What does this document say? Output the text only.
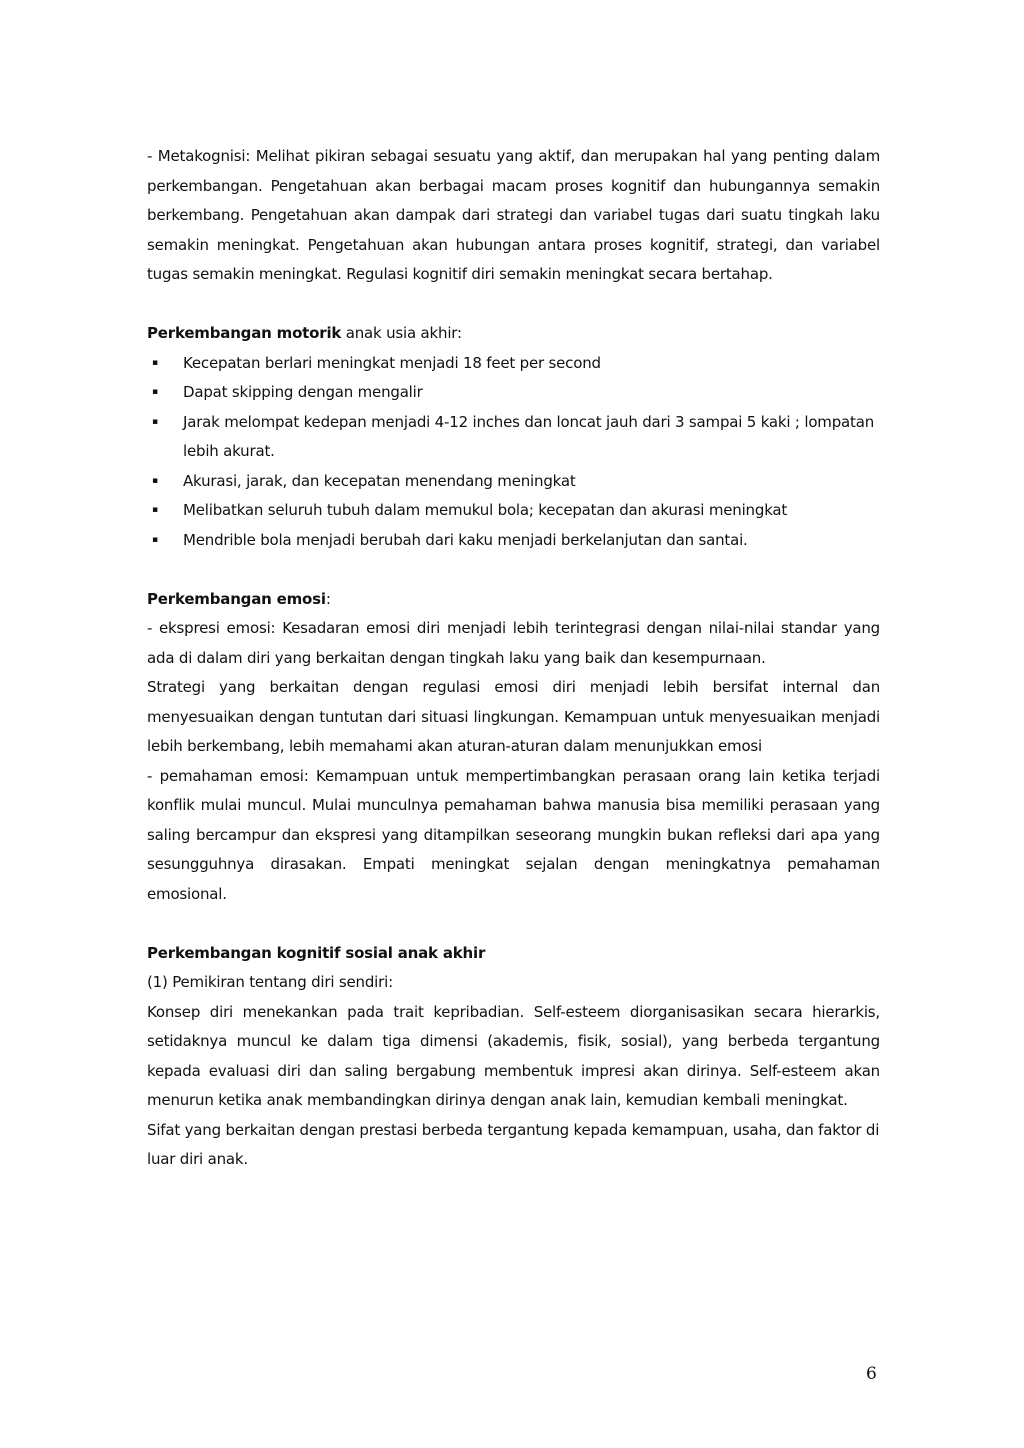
- Metakognisi: Melihat pikiran sebagai sesuatu yang aktif, dan merupakan hal yang penting dalam perkembangan. Pengetahuan akan berbagai macam proses kognitif dan hubungannya semakin berkembang. Pengetahuan akan dampak dari strategi dan variabel tugas dari suatu tingkah laku semakin meningkat. Pengetahuan akan hubungan antara proses kognitif, strategi, dan variabel tugas semakin meningkat. Regulasi kognitif diri semakin meningkat secara bertahap.

Perkembangan motorik anak usia akhir:

▪ Kecepatan berlari meningkat menjadi 18 feet per second
▪ Dapat skipping dengan mengalir
▪ Jarak melompat kedepan menjadi 4-12 inches dan loncat jauh dari 3 sampai 5 kaki ; lompatan lebih akurat.
▪ Akurasi, jarak, dan kecepatan menendang meningkat
▪ Melibatkan seluruh tubuh dalam memukul bola; kecepatan dan akurasi meningkat
▪ Mendrible bola menjadi berubah dari kaku menjadi berkelanjutan dan santai.

Perkembangan emosi:

- ekspresi emosi: Kesadaran emosi diri menjadi lebih terintegrasi dengan nilai-nilai standar yang ada di dalam diri yang berkaitan dengan tingkah laku yang baik dan kesempurnaan.

Strategi yang berkaitan dengan regulasi emosi diri menjadi lebih bersifat internal dan menyesuaikan dengan tuntutan dari situasi lingkungan. Kemampuan untuk menyesuaikan menjadi lebih berkembang, lebih memahami akan aturan-aturan dalam menunjukkan emosi

- pemahaman emosi: Kemampuan untuk mempertimbangkan perasaan orang lain ketika terjadi konflik mulai muncul. Mulai munculnya pemahaman bahwa manusia bisa memiliki perasaan yang saling bercampur dan ekspresi yang ditampilkan seseorang mungkin bukan refleksi dari apa yang sesungguhnya dirasakan. Empati meningkat sejalan dengan meningkatnya pemahaman emosional.

Perkembangan kognitif sosial anak akhir

(1) Pemikiran tentang diri sendiri:

Konsep diri menekankan pada trait kepribadian. Self-esteem diorganisasikan secara hierarkis, setidaknya muncul ke dalam tiga dimensi (akademis, fisik, sosial), yang berbeda tergantung kepada evaluasi diri dan saling bergabung membentuk impresi akan dirinya. Self-esteem akan menurun ketika anak membandingkan dirinya dengan anak lain, kemudian kembali meningkat.

Sifat yang berkaitan dengan prestasi berbeda tergantung kepada kemampuan, usaha, dan faktor di luar diri anak.

6
